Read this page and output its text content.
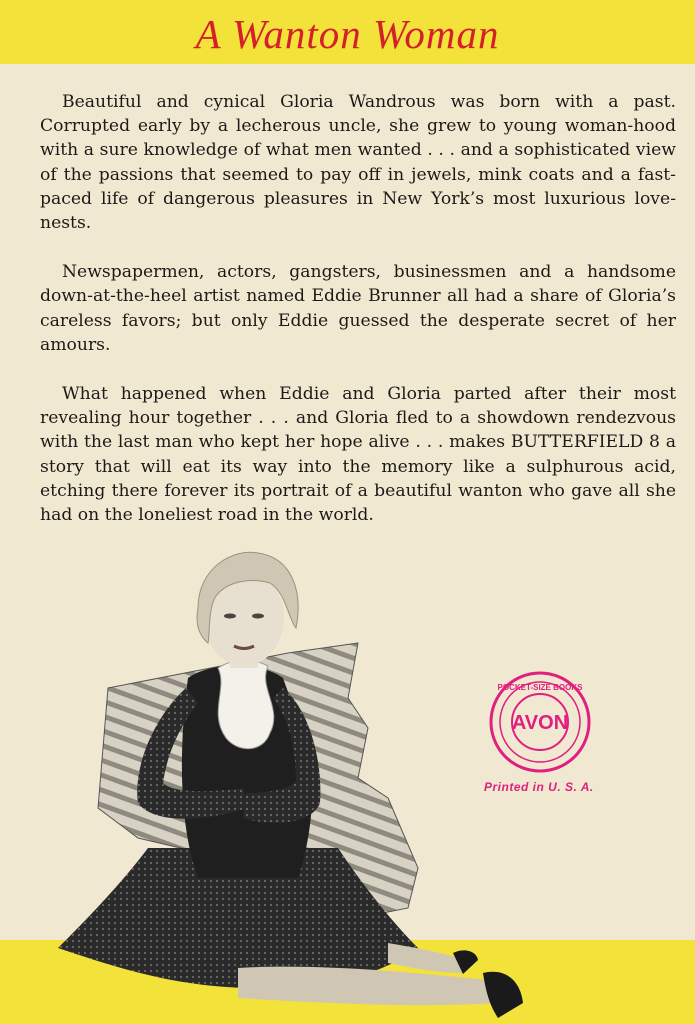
A Wanton Woman

Beautiful and cynical Gloria Wandrous was born with a past. Corrupted early by a lecherous uncle, she grew to young woman-hood with a sure knowledge of what men wanted . . . and a sophisticated view of the passions that seemed to pay off in jewels, mink coats and a fast-paced life of dangerous pleasures in New York’s most luxurious love-nests.

Newspapermen, actors, gangsters, businessmen and a handsome down-at-the-heel artist named Eddie Brunner all had a share of Gloria’s careless favors; but only Eddie guessed the desperate secret of her amours.

What happened when Eddie and Gloria parted after their most revealing hour together . . . and Gloria fled to a showdown rendezvous with the last man who kept her hope alive . . . makes BUTTERFIELD 8 a story that will eat its way into the memory like a sulphurous acid, etching there forever its portrait of a beautiful wanton who gave all she had on the loneliest road in the world.

AVON
POCKET-SIZE BOOKS
Printed in U. S. A.
